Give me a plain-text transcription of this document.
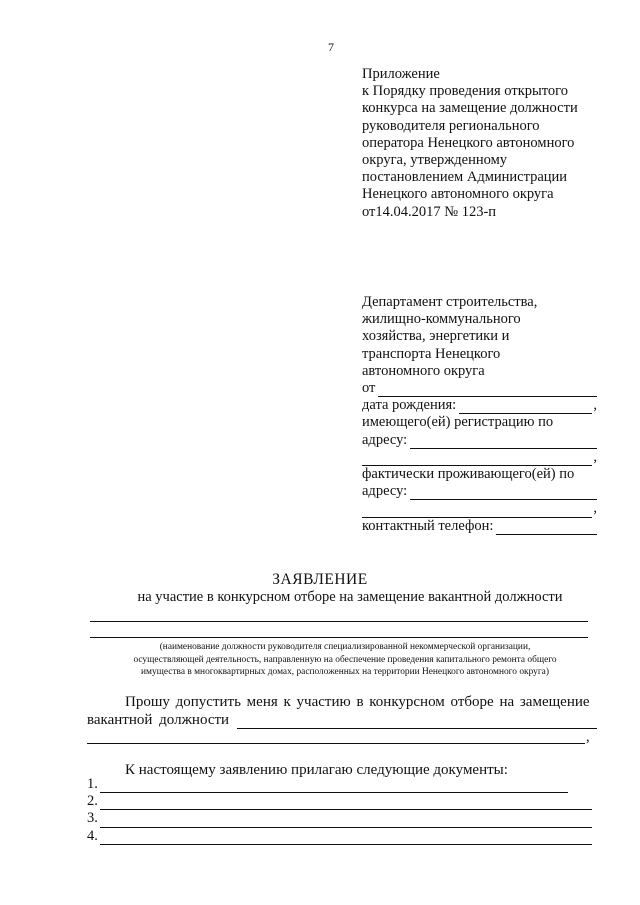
7
Приложение
к Порядку проведения открытого
конкурса на замещение должности
руководителя регионального
оператора Ненецкого автономного
округа, утвержденному
постановлением Администрации
Ненецкого автономного округа
от14.04.2017 № 123-п
Департамент строительства,
жилищно-коммунального
хозяйства, энергетики и
транспорта Ненецкого
автономного округа
от
дата рождения:	,
имеющего(ей) регистрацию по
адресу:
,
фактически проживающего(ей) по
адресу:
,
контактный телефон:
ЗАЯВЛЕНИЕ
на участие в конкурсном отборе на замещение вакантной должности
(наименование должности руководителя специализированной некоммерческой организации,
осуществляющей деятельность, направленную на обеспечение проведения капитального ремонта общего
имущества в многоквартирных домах, расположенных на территории Ненецкого автономного округа)
Прошу допустить меня к участию в конкурсном отборе на замещение
вакантной должности
,
К настоящему заявлению прилагаю следующие документы:
1.
2.
3.
4.
